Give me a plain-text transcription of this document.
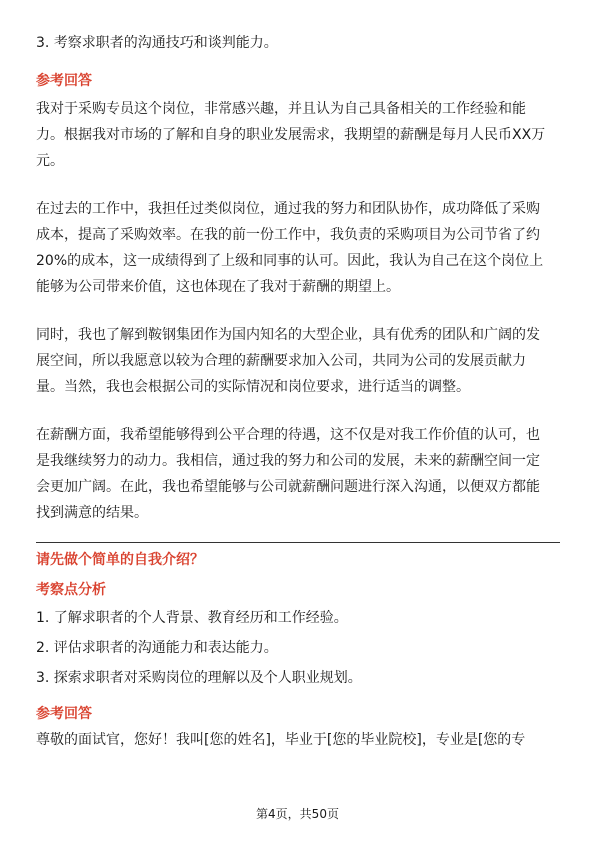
3. 考察求职者的沟通技巧和谈判能力。

参考回答

我对于采购专员这个岗位，非常感兴趣，并且认为自己具备相关的工作经验和能

力。根据我对市场的了解和自身的职业发展需求，我期望的薪酬是每月人民币XX万

元。

在过去的工作中，我担任过类似岗位，通过我的努力和团队协作，成功降低了采购

成本，提高了采购效率。在我的前一份工作中，我负责的采购项目为公司节省了约

20%的成本，这一成绩得到了上级和同事的认可。因此，我认为自己在这个岗位上

能够为公司带来价值，这也体现在了我对于薪酬的期望上。

同时，我也了解到鞍钢集团作为国内知名的大型企业，具有优秀的团队和广阔的发

展空间，所以我愿意以较为合理的薪酬要求加入公司，共同为公司的发展贡献力

量。当然，我也会根据公司的实际情况和岗位要求，进行适当的调整。

在薪酬方面，我希望能够得到公平合理的待遇，这不仅是对我工作价值的认可，也

是我继续努力的动力。我相信，通过我的努力和公司的发展，未来的薪酬空间一定

会更加广阔。在此，我也希望能够与公司就薪酬问题进行深入沟通，以便双方都能

找到满意的结果。

请先做个简单的自我介绍？

考察点分析

1. 了解求职者的个人背景、教育经历和工作经验。

2. 评估求职者的沟通能力和表达能力。

3. 探索求职者对采购岗位的理解以及个人职业规划。

参考回答

尊敬的面试官，您好！我叫[您的姓名]，毕业于[您的毕业院校]，专业是[您的专

第4页，共50页
